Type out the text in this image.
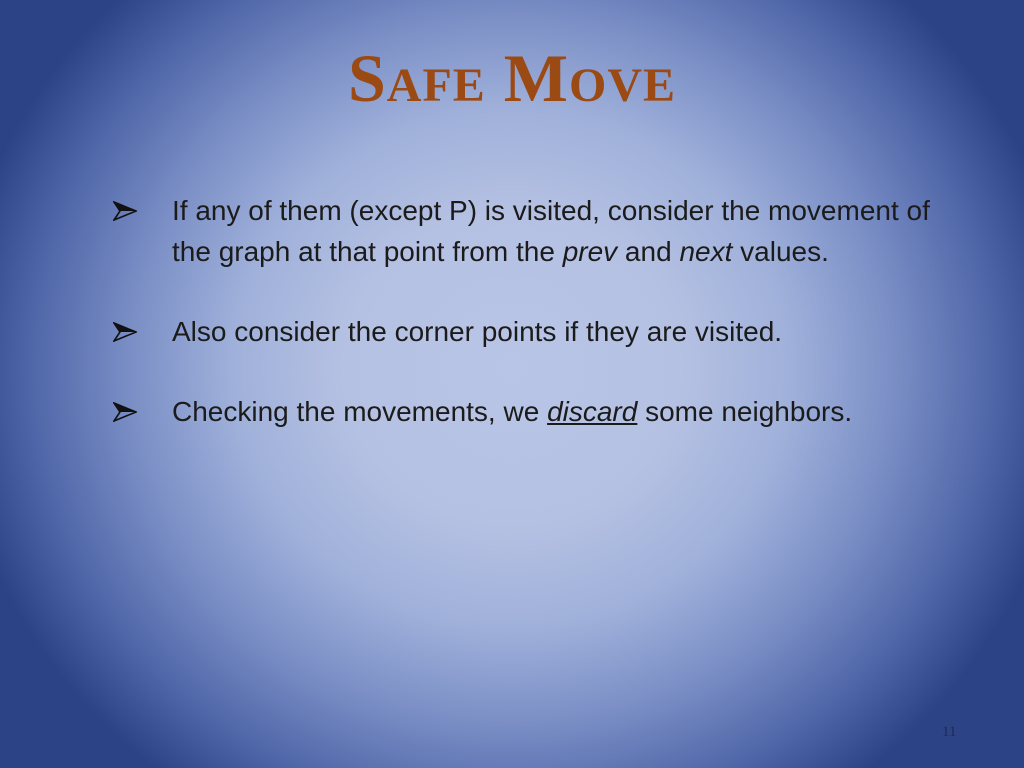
Safe Move
If any of them (except P) is visited, consider the movement of the graph at that point from the prev and next values.
Also consider the corner points if they are visited.
Checking the movements, we discard some neighbors.
11
